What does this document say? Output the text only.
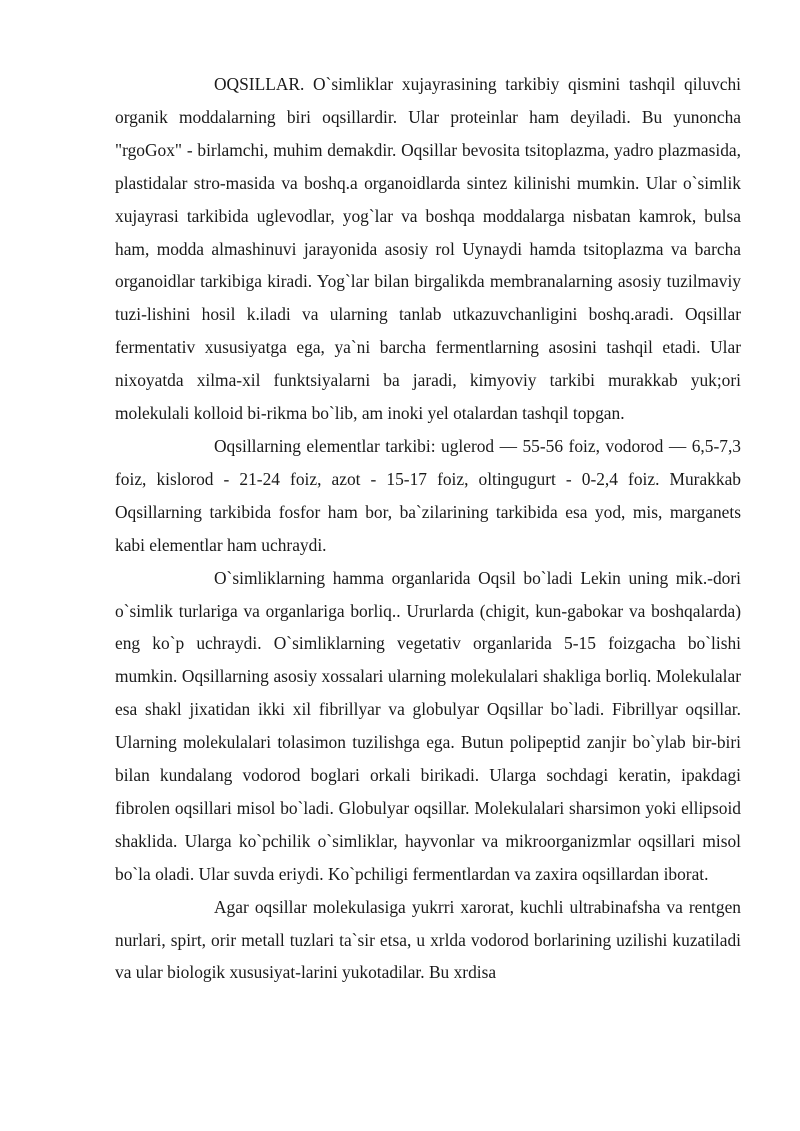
OQSILLAR. O`simliklar xujayrasining tarkibiy qismini tashqil qiluvchi organik moddalarning biri oqsillardir. Ular proteinlar ham deyiladi. Bu yunoncha "rgoGox" - birlamchi, muhim demakdir. Oqsillar bevosita tsitoplazma, yadro plazmasida, plastidalar stro-masida va boshq.a organoidlarda sintez kilinishi mumkin. Ular o`simlik xujayrasi tarkibida uglevodlar, yog`lar va boshqa moddalarga nisbatan kamrok, bulsa ham, modda almashinuvi jarayonida asosiy rol Uynaydi hamda tsitoplazma va barcha organoidlar tarkibiga kiradi. Yog`lar bilan birgalikda membranalarning asosiy tuzilmaviy tuzi-lishini hosil k.iladi va ularning tanlab utkazuvchanligini boshq.aradi. Oqsillar fermentativ xususiyatga ega, ya`ni barcha fermentlarning asosini tashqil etadi. Ular nixoyatda xilma-xil funktsiyalarni ba jaradi, kimyoviy tarkibi murakkab yuk;ori molekulali kolloid bi-rikma bo`lib, am inoki yel otalardan tashqil topgan.

Oqsillarning elementlar tarkibi: uglerod — 55-56 foiz, vodorod — 6,5-7,3 foiz, kislorod - 21-24 foiz, azot - 15-17 foiz, oltingugurt - 0-2,4 foiz. Murakkab Oqsillarning tarkibida fosfor ham bor, ba`zilarining tarkibida esa yod, mis, marganets kabi elementlar ham uchraydi.

O`simliklarning hamma organlarida Oqsil bo`ladi Lekin uning mik.-dori o`simlik turlariga va organlariga borliq.. Ururlarda (chigit, kun-gabokar va boshqalarda) eng ko`p uchraydi. O`simliklarning vegetativ organlarida 5-15 foizgacha bo`lishi mumkin. Oqsillarning asosiy xossalari ularning molekulalari shakliga borliq. Molekulalar esa shakl jixatidan ikki xil fibrillyar va globulyar Oqsillar bo`ladi. Fibrillyar oqsillar. Ularning molekulalari tolasimon tuzilishga ega. Butun polipeptid zanjir bo`ylab bir-biri bilan kundalang vodorod boglari orkali birikadi. Ularga sochdagi keratin, ipakdagi fibrolen oqsillari misol bo`ladi. Globulyar oqsillar. Molekulalari sharsimon yoki ellipsoid shaklida. Ularga ko`pchilik o`simliklar, hayvonlar va mikroorganizmlar oqsillari misol bo`la oladi. Ular suvda eriydi. Ko`pchiligi fermentlardan va zaxira oqsillardan iborat.

Agar oqsillar molekulasiga yukrri xarorat, kuchli ultrabinafsha va rentgen nurlari, spirt, orir metall tuzlari ta`sir etsa, u xrlda vodorod borlarining uzilishi kuzatiladi va ular biologik xususiyat-larini yukotadilar. Bu xrdisa
